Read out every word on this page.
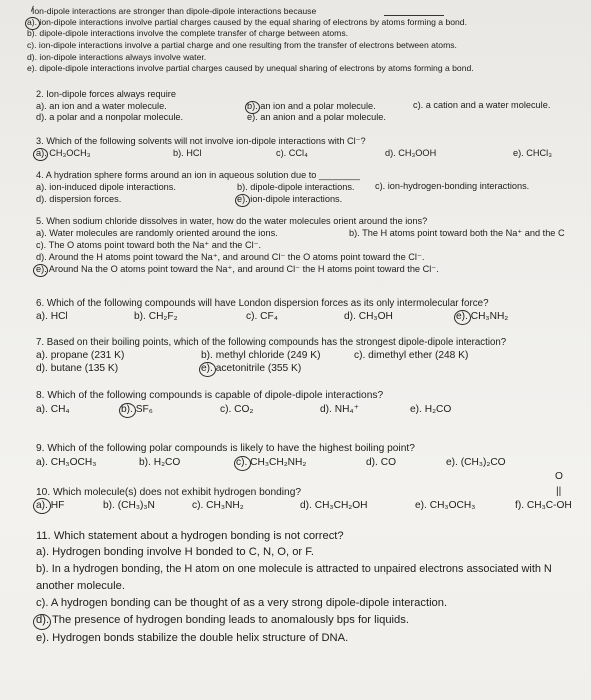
Ion-dipole interactions are stronger than dipole-dipole interactions because
a). ion-dipole interactions involve partial charges caused by the equal sharing of electrons by atoms forming a bond.
b). dipole-dipole interactions involve the complete transfer of charge between atoms.
c). ion-dipole interactions involve a partial charge and one resulting from the transfer of electrons between atoms.
d). ion-dipole interactions always involve water.
e). dipole-dipole interactions involve partial charges caused by unequal sharing of electrons by atoms forming a bond.
2. Ion-dipole forces always require
a). an ion and a water molecule.	b). an ion and a polar molecule.	c). a cation and a water molecule.
d). a polar and a nonpolar molecule.	e). an anion and a polar molecule.
3. Which of the following solvents will not involve ion-dipole interactions with Cl⁻?
a). CH₃OCH₃	b). HCl	c). CCl₄	d). CH₃OOH	e). CHCl₃
4. A hydration sphere forms around an ion in aqueous solution due to ________
a). ion-induced dipole interactions.	b). dipole-dipole interactions. c). ion-hydrogen-bonding interactions.
d). dispersion forces.	e). ion-dipole interactions.
5. When sodium chloride dissolves in water, how do the water molecules orient around the ions?
a). Water molecules are randomly oriented around the ions.	b). The H atoms point toward both the Na⁺ and the C
c). The O atoms point toward both the Na⁺ and the Cl⁻.
d). Around the H atoms point toward the Na⁺, and around Cl⁻ the O atoms point toward the Cl⁻.
e). Around Na the O atoms point toward the Na⁺, and around Cl⁻ the H atoms point toward the Cl⁻.
6. Which of the following compounds will have London dispersion forces as its only intermolecular force?
a). HCl	b). CH₂F₂	c). CF₄	d). CH₃OH	e). CH₃NH₂
7. Based on their boiling points, which of the following compounds has the strongest dipole-dipole interaction?
a). propane (231 K)	b). methyl chloride (249 K)	c). dimethyl ether (248 K)
d). butane (135 K)	e). acetonitrile (355 K)
8. Which of the following compounds is capable of dipole-dipole interactions?
a). CH₄	b). SF₆	c). CO₂	d). NH₄⁺	e). H₂CO
9. Which of the following polar compounds is likely to have the highest boiling point?
a). CH₃OCH₃	b). H₂CO	c). CH₃CH₂NH₂	d). CO	e). (CH₃)₂CO
O
||
10. Which molecule(s) does not exhibit hydrogen bonding?
a). HF	b). (CH₃)₃N	c). CH₃NH₂	d). CH₃CH₂OH	e). CH₃OCH₃	f). CH₃C-OH
11. Which statement about a hydrogen bonding is not correct?
a). Hydrogen bonding involve H bonded to C, N, O, or F.
b). In a hydrogen bonding, the H atom on one molecule is attracted to unpaired electrons associated with N
another molecule.
c). A hydrogen bonding can be thought of as a very strong dipole-dipole interaction.
d). The presence of hydrogen bonding leads to anomalously bps for liquids.
e). Hydrogen bonds stabilize the double helix structure of DNA.
